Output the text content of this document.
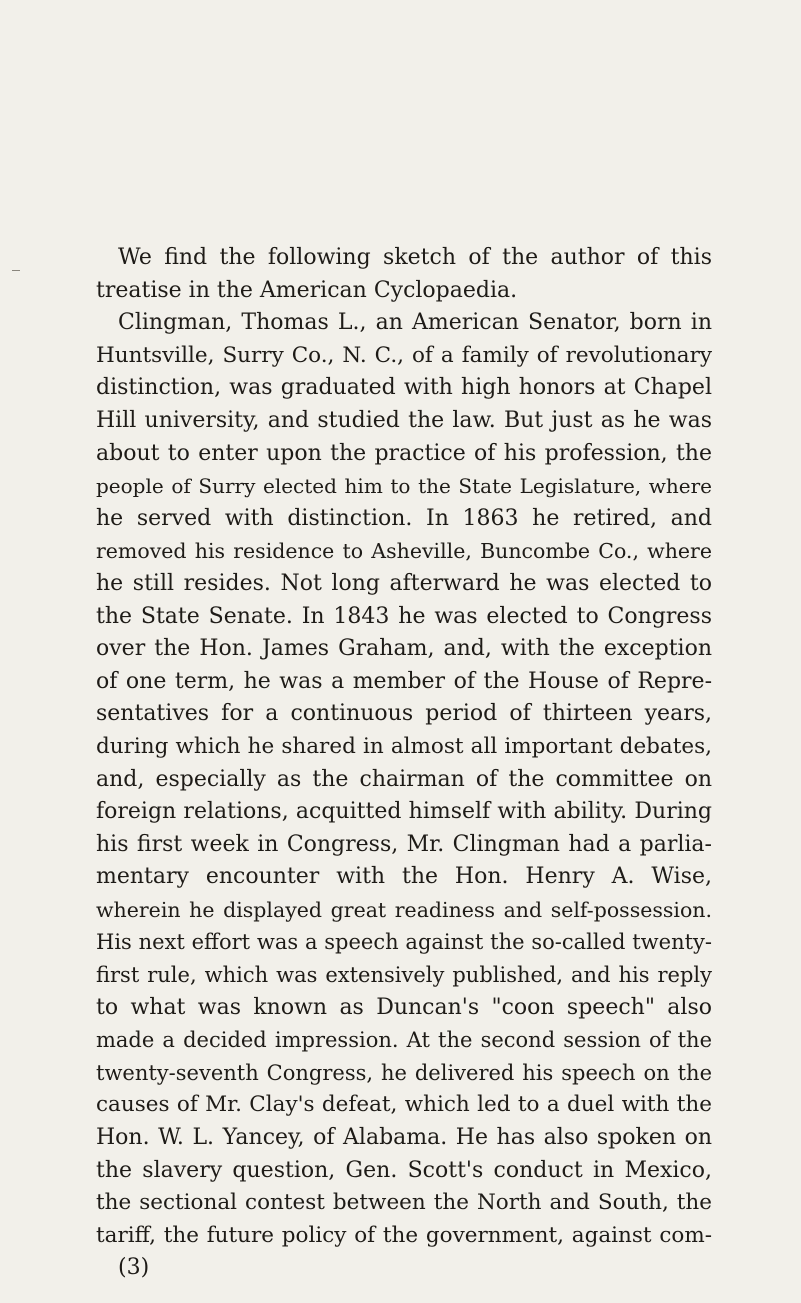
We find the following sketch of the author of this
treatise in the American Cyclopaedia.
Clingman, Thomas L., an American Senator, born in
Huntsville, Surry Co., N. C., of a family of revolutionary
distinction, was graduated with high honors at Chapel
Hill university, and studied the law. But just as he was
about to enter upon the practice of his profession, the
people of Surry elected him to the State Legislature, where
he served with distinction. In 1863 he retired, and
removed his residence to Asheville, Buncombe Co., where
he still resides. Not long afterward he was elected to
the State Senate. In 1843 he was elected to Congress
over the Hon. James Graham, and, with the exception
of one term, he was a member of the House of Repre-
sentatives for a continuous period of thirteen years,
during which he shared in almost all important debates,
and, especially as the chairman of the committee on
foreign relations, acquitted himself with ability. During
his first week in Congress, Mr. Clingman had a parlia-
mentary encounter with the Hon. Henry A. Wise,
wherein he displayed great readiness and self-possession.
His next effort was a speech against the so-called twenty-
first rule, which was extensively published, and his reply
to what was known as Duncan's "coon speech" also
made a decided impression. At the second session of the
twenty-seventh Congress, he delivered his speech on the
causes of Mr. Clay's defeat, which led to a duel with the
Hon. W. L. Yancey, of Alabama. He has also spoken on
the slavery question, Gen. Scott's conduct in Mexico,
the sectional contest between the North and South, the
tariff, the future policy of the government, against com-
(3)
